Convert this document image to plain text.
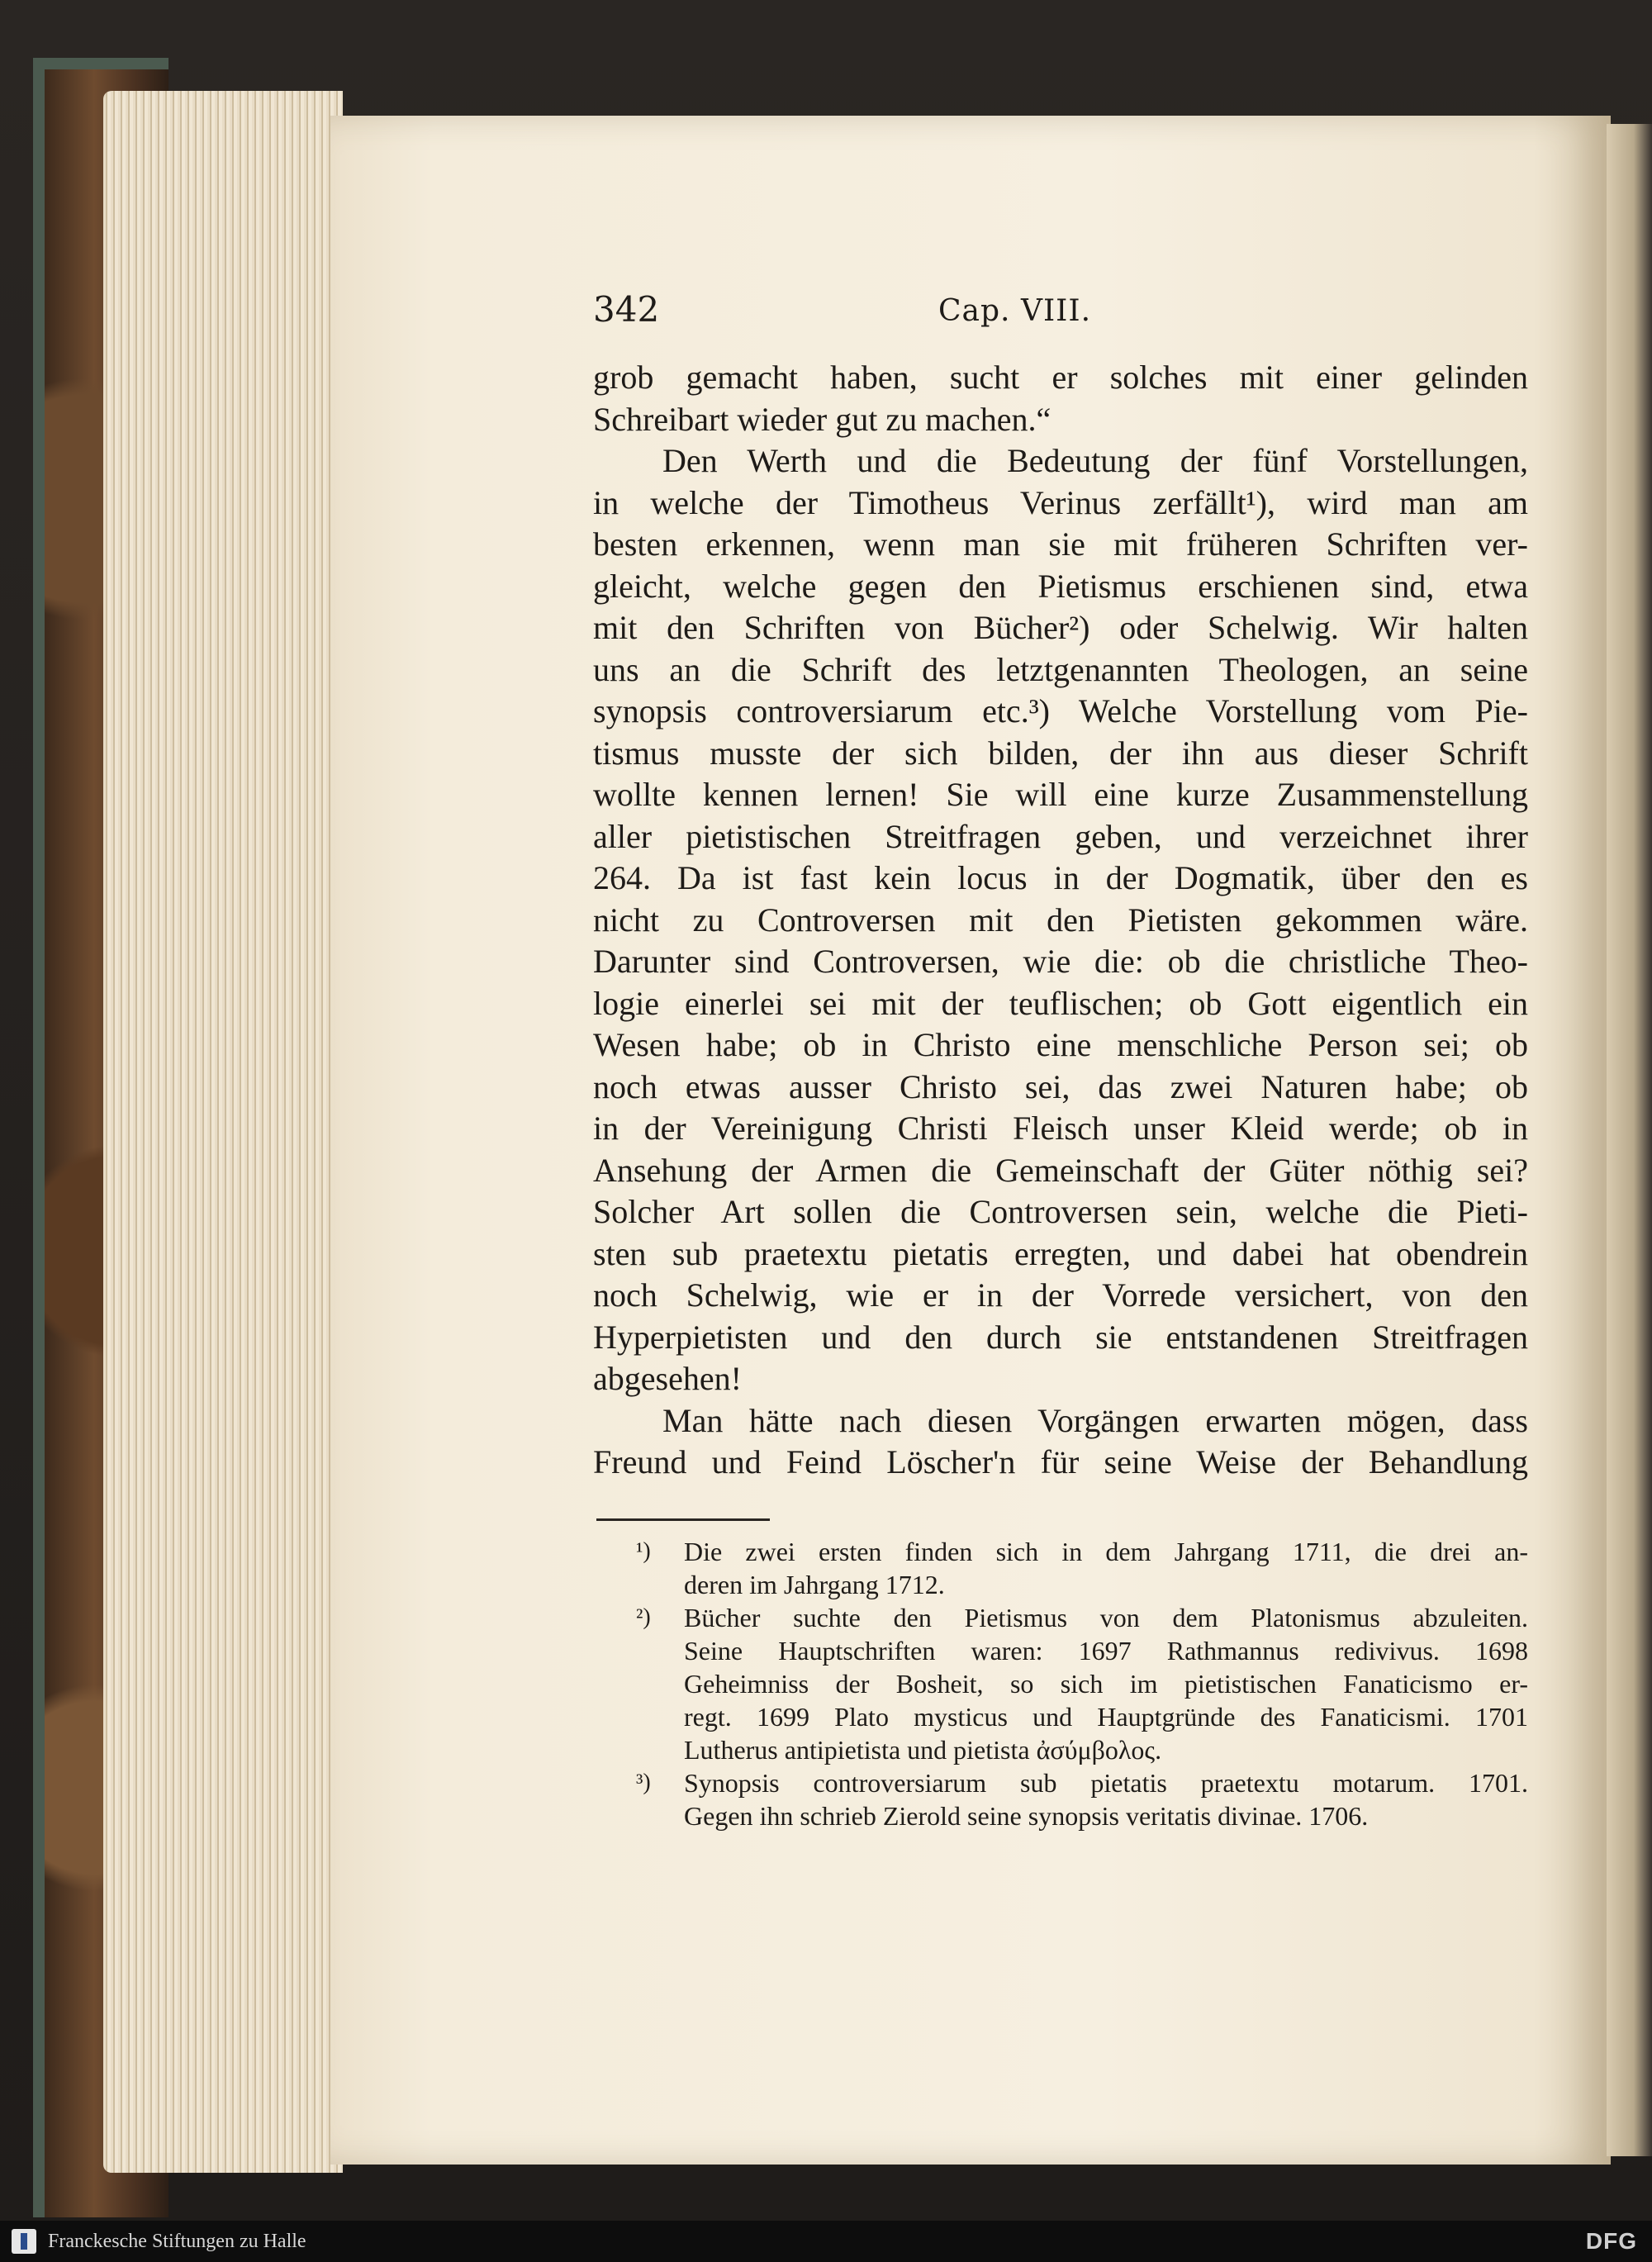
342	Cap. VIII.
grob gemacht haben, sucht er solches mit einer gelinden
Schreibart wieder gut zu machen.“
Den Werth und die Bedeutung der fünf Vorstellungen,
in welche der Timotheus Verinus zerfällt¹), wird man am
besten erkennen, wenn man sie mit früheren Schriften ver-
gleicht, welche gegen den Pietismus erschienen sind, etwa
mit den Schriften von Bücher²) oder Schelwig. Wir halten
uns an die Schrift des letztgenannten Theologen, an seine
synopsis controversiarum etc.³) Welche Vorstellung vom Pie-
tismus musste der sich bilden, der ihn aus dieser Schrift
wollte kennen lernen! Sie will eine kurze Zusammenstellung
aller pietistischen Streitfragen geben, und verzeichnet ihrer
264. Da ist fast kein locus in der Dogmatik, über den es
nicht zu Controversen mit den Pietisten gekommen wäre.
Darunter sind Controversen, wie die: ob die christliche Theo-
logie einerlei sei mit der teuflischen; ob Gott eigentlich ein
Wesen habe; ob in Christo eine menschliche Person sei; ob
noch etwas ausser Christo sei, das zwei Naturen habe; ob
in der Vereinigung Christi Fleisch unser Kleid werde; ob in
Ansehung der Armen die Gemeinschaft der Güter nöthig sei?
Solcher Art sollen die Controversen sein, welche die Pieti-
sten sub praetextu pietatis erregten, und dabei hat obendrein
noch Schelwig, wie er in der Vorrede versichert, von den
Hyperpietisten und den durch sie entstandenen Streitfragen
abgesehen!
Man hätte nach diesen Vorgängen erwarten mögen, dass
Freund und Feind Löscher'n für seine Weise der Behandlung
¹) Die zwei ersten finden sich in dem Jahrgang 1711, die drei an-
deren im Jahrgang 1712.
²) Bücher suchte den Pietismus von dem Platonismus abzuleiten.
Seine Hauptschriften waren: 1697 Rathmannus redivivus. 1698
Geheimniss der Bosheit, so sich im pietistischen Fanaticismo er-
regt. 1699 Plato mysticus und Hauptgründe des Fanaticismi. 1701
Lutherus antipietista und pietista ἀσύμβολος.
³) Synopsis controversiarum sub pietatis praetextu motarum. 1701.
Gegen ihn schrieb Zierold seine synopsis veritatis divinae. 1706.
Franckesche Stiftungen zu Halle	DFG
